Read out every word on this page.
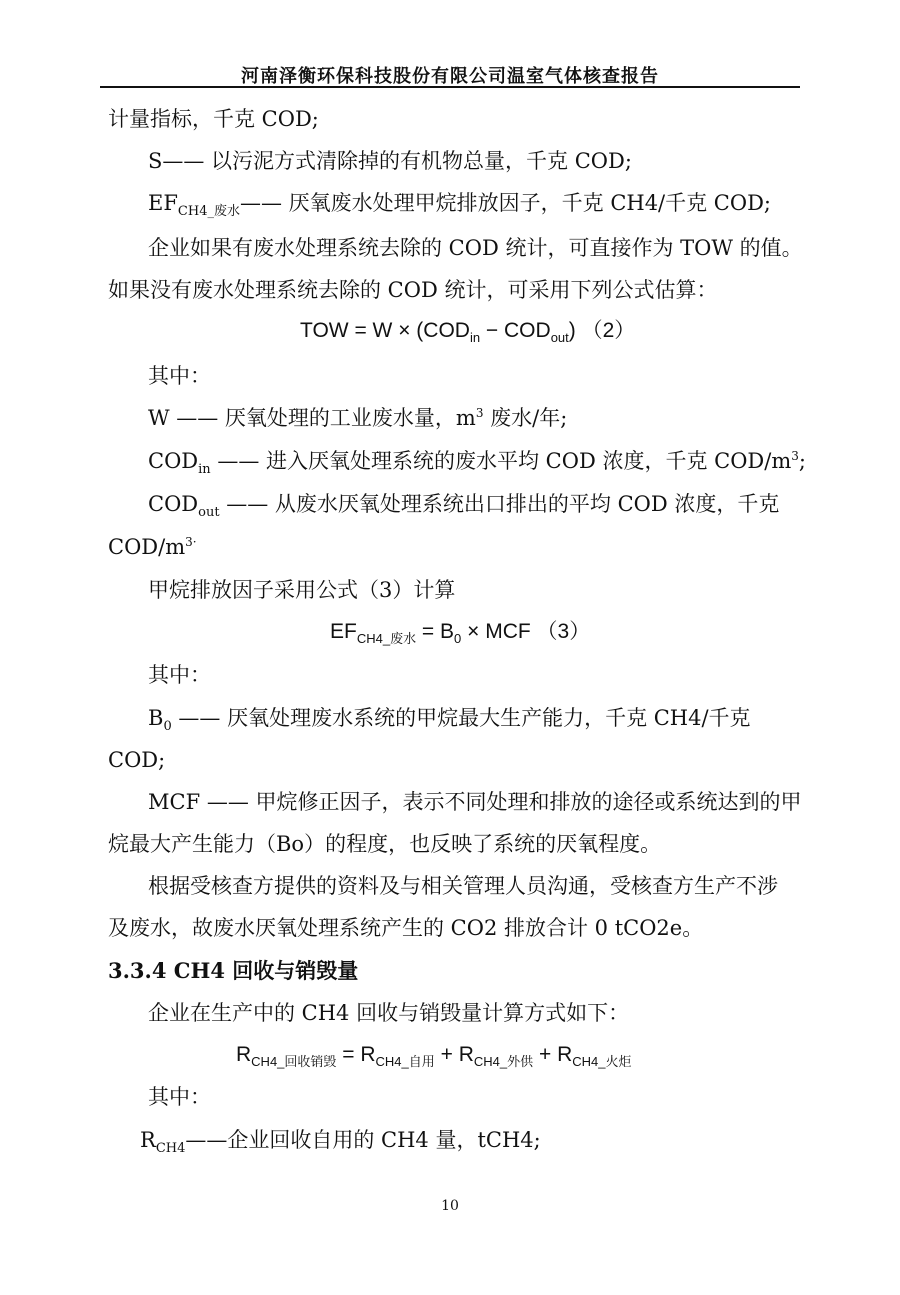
河南泽衡环保科技股份有限公司温室气体核查报告
计量指标，千克 COD;
S—— 以污泥方式清除掉的有机物总量，千克 COD;
$EF_{CH4\_废水}——$ 厌氧废水处理甲烷排放因子，千克 CH4/千克 COD;
企业如果有废水处理系统去除的 COD 统计，可直接作为 TOW 的值。
如果没有废水处理系统去除的 COD 统计，可采用下列公式估算：
TOW = $W \times (COD_{in} - COD_{out})$ （2）
其中：
W —— 厌氧处理的工业废水量，$m^3$ 废水/年;
$COD_{in}$ —— 进入厌氧处理系统的废水平均 COD 浓度，千克 COD/$m^3$;
$COD_{out}$ —— 从废水厌氧处理系统出口排出的平均 COD 浓度，千克
COD/$m^{3\cdot}$
甲烷排放因子采用公式（3）计算
$EF_{CH4\_废水} = B_0$ × MCF （3）
其中：
$B_0$ —— 厌氧处理废水系统的甲烷最大生产能力，千克 CH4/千克
COD;
MCF —— 甲烷修正因子，表示不同处理和排放的途径或系统达到的甲
烷最大产生能力（Bo）的程度，也反映了系统的厌氧程度。
根据受核查方提供的资料及与相关管理人员沟通，受核查方生产不涉
及废水，故废水厌氧处理系统产生的 CO2 排放合计 0 tCO2e。
3.3.4 CH4 回收与销毁量
企业在生产中的 CH4 回收与销毁量计算方式如下：
$R_{CH4\_回收销毁} = R_{CH4\_自用} + R_{CH4\_外供} + R_{CH4\_火炬}$
其中：
$R_{CH4}——$企业回收自用的 CH4 量，tCH4;
10
